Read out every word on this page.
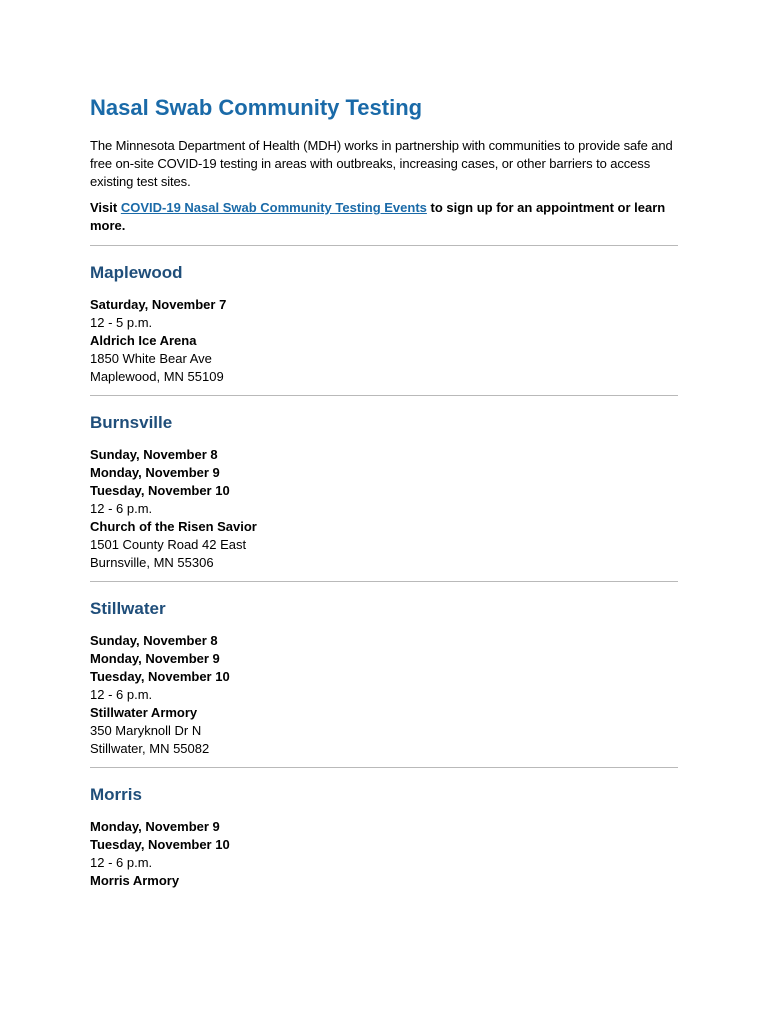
Nasal Swab Community Testing

The Minnesota Department of Health (MDH) works in partnership with communities to provide safe and free on-site COVID-19 testing in areas with outbreaks, increasing cases, or other barriers to access existing test sites.

Visit COVID-19 Nasal Swab Community Testing Events to sign up for an appointment or learn more.

Maplewood
Saturday, November 7
12 - 5 p.m.
Aldrich Ice Arena
1850 White Bear Ave
Maplewood, MN 55109
Burnsville
Sunday, November 8
Monday, November 9
Tuesday, November 10
12 - 6 p.m.
Church of the Risen Savior
1501 County Road 42 East
Burnsville, MN 55306
Stillwater
Sunday, November 8
Monday, November 9
Tuesday, November 10
12 - 6 p.m.
Stillwater Armory
350 Maryknoll Dr N
Stillwater, MN 55082
Morris
Monday, November 9
Tuesday, November 10
12 - 6 p.m.
Morris Armory
